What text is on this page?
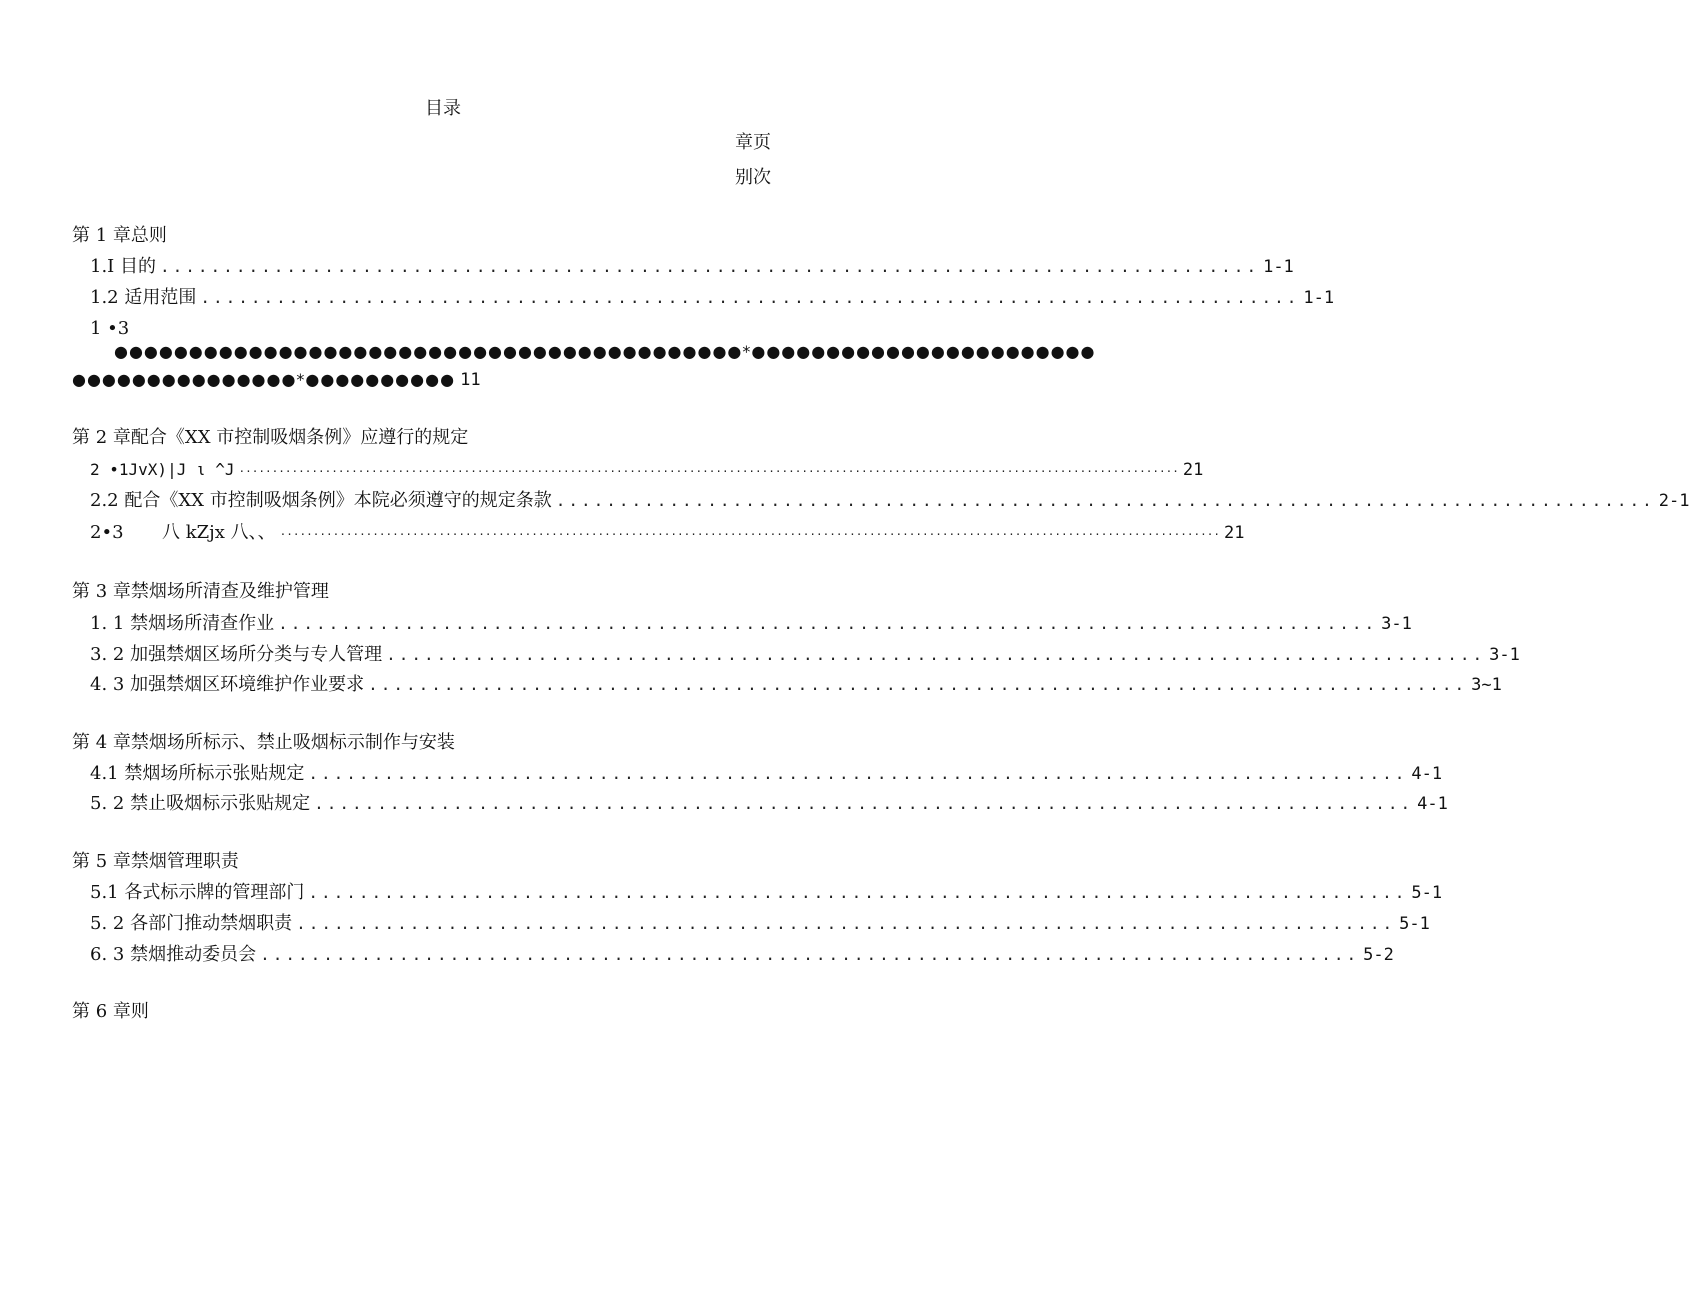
目录
章页
别次
第 1 章总则
1.I 目的 ....................................................................................... 1-1
1.2 适用范围 ....................................................................................... 1-1
1 •3
●●●●●●●●●●●●●●●●●●●●●●●●●●●●●●●●●●●●●●●●●●*●●●●●●●●●●●●●●●●●●●●●●●
●●●●●●●●●●●●●●●*●●●●●●●●●● 11
第 2 章配合《XX 市控制吸烟条例》应遵行的规定
2 •1JvX)|J ι ^J ·············································································································································· 21
2.2 配合《XX 市控制吸烟条例》本院必须遵守的规定条款 ....................................................................................... 2-1
2•3	八 kZjx 八、、 ·············································································································································· 21
第 3 章禁烟场所清查及维护管理
1. 1 禁烟场所清查作业 ....................................................................................... 3-1
3. 2 加强禁烟区场所分类与专人管理 ....................................................................................... 3-1
4. 3 加强禁烟区环境维护作业要求 ....................................................................................... 3~1
第 4 章禁烟场所标示、禁止吸烟标示制作与安装
4.1 禁烟场所标示张贴规定 ....................................................................................... 4-1
5. 2 禁止吸烟标示张贴规定 ....................................................................................... 4-1
第 5 章禁烟管理职责
5.1 各式标示牌的管理部门 ....................................................................................... 5-1
5. 2 各部门推动禁烟职责 ....................................................................................... 5-1
6. 3 禁烟推动委员会 ....................................................................................... 5-2
第 6 章则
